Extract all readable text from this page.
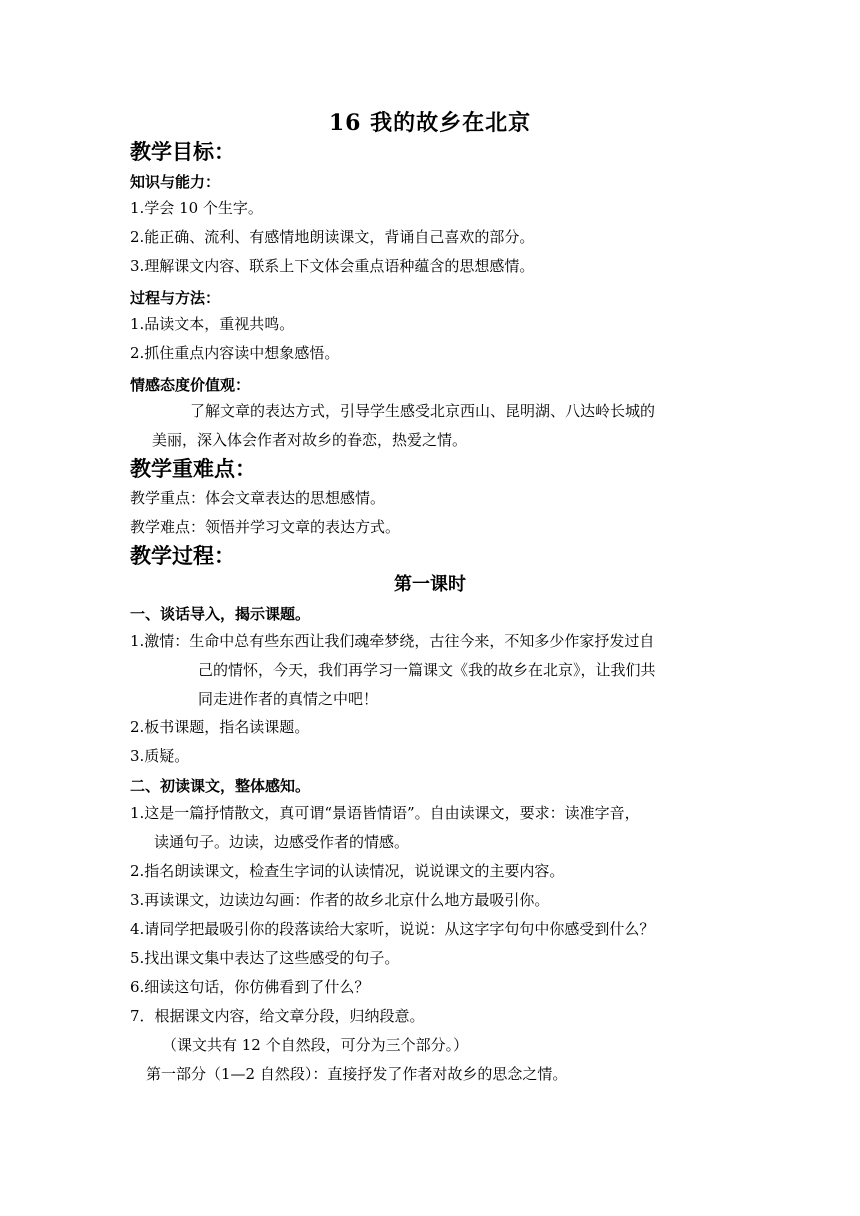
16 我的故乡在北京
教学目标：
知识与能力：
1.学会 10 个生字。
2.能正确、流利、有感情地朗读课文，背诵自己喜欢的部分。
3.理解课文内容、联系上下文体会重点语种蕴含的思想感情。
过程与方法：
1.品读文本，重视共鸣。
2.抓住重点内容读中想象感悟。
情感态度价值观：
了解文章的表达方式，引导学生感受北京西山、昆明湖、八达岭长城的
美丽，深入体会作者对故乡的眷恋，热爱之情。
教学重难点：
教学重点：体会文章表达的思想感情。
教学难点：领悟并学习文章的表达方式。
教学过程：
第一课时
一、谈话导入，揭示课题。
1.激情：生命中总有些东西让我们魂牵梦绕，古往今来，不知多少作家抒发过自
己的情怀，今天，我们再学习一篇课文《我的故乡在北京》，让我们共
同走进作者的真情之中吧！
2.板书课题，指名读课题。
3.质疑。
二、初读课文，整体感知。
1.这是一篇抒情散文，真可谓“景语皆情语”。自由读课文，要求：读准字音，
读通句子。边读，边感受作者的情感。
2.指名朗读课文，检查生字词的认读情况，说说课文的主要内容。
3.再读课文，边读边勾画：作者的故乡北京什么地方最吸引你。
4.请同学把最吸引你的段落读给大家听，说说：从这字字句句中你感受到什么？
5.找出课文集中表达了这些感受的句子。
6.细读这句话，你仿佛看到了什么？
7．根据课文内容，给文章分段，归纳段意。
（课文共有 12 个自然段，可分为三个部分。）
第一部分（1—2 自然段）：直接抒发了作者对故乡的思念之情。
